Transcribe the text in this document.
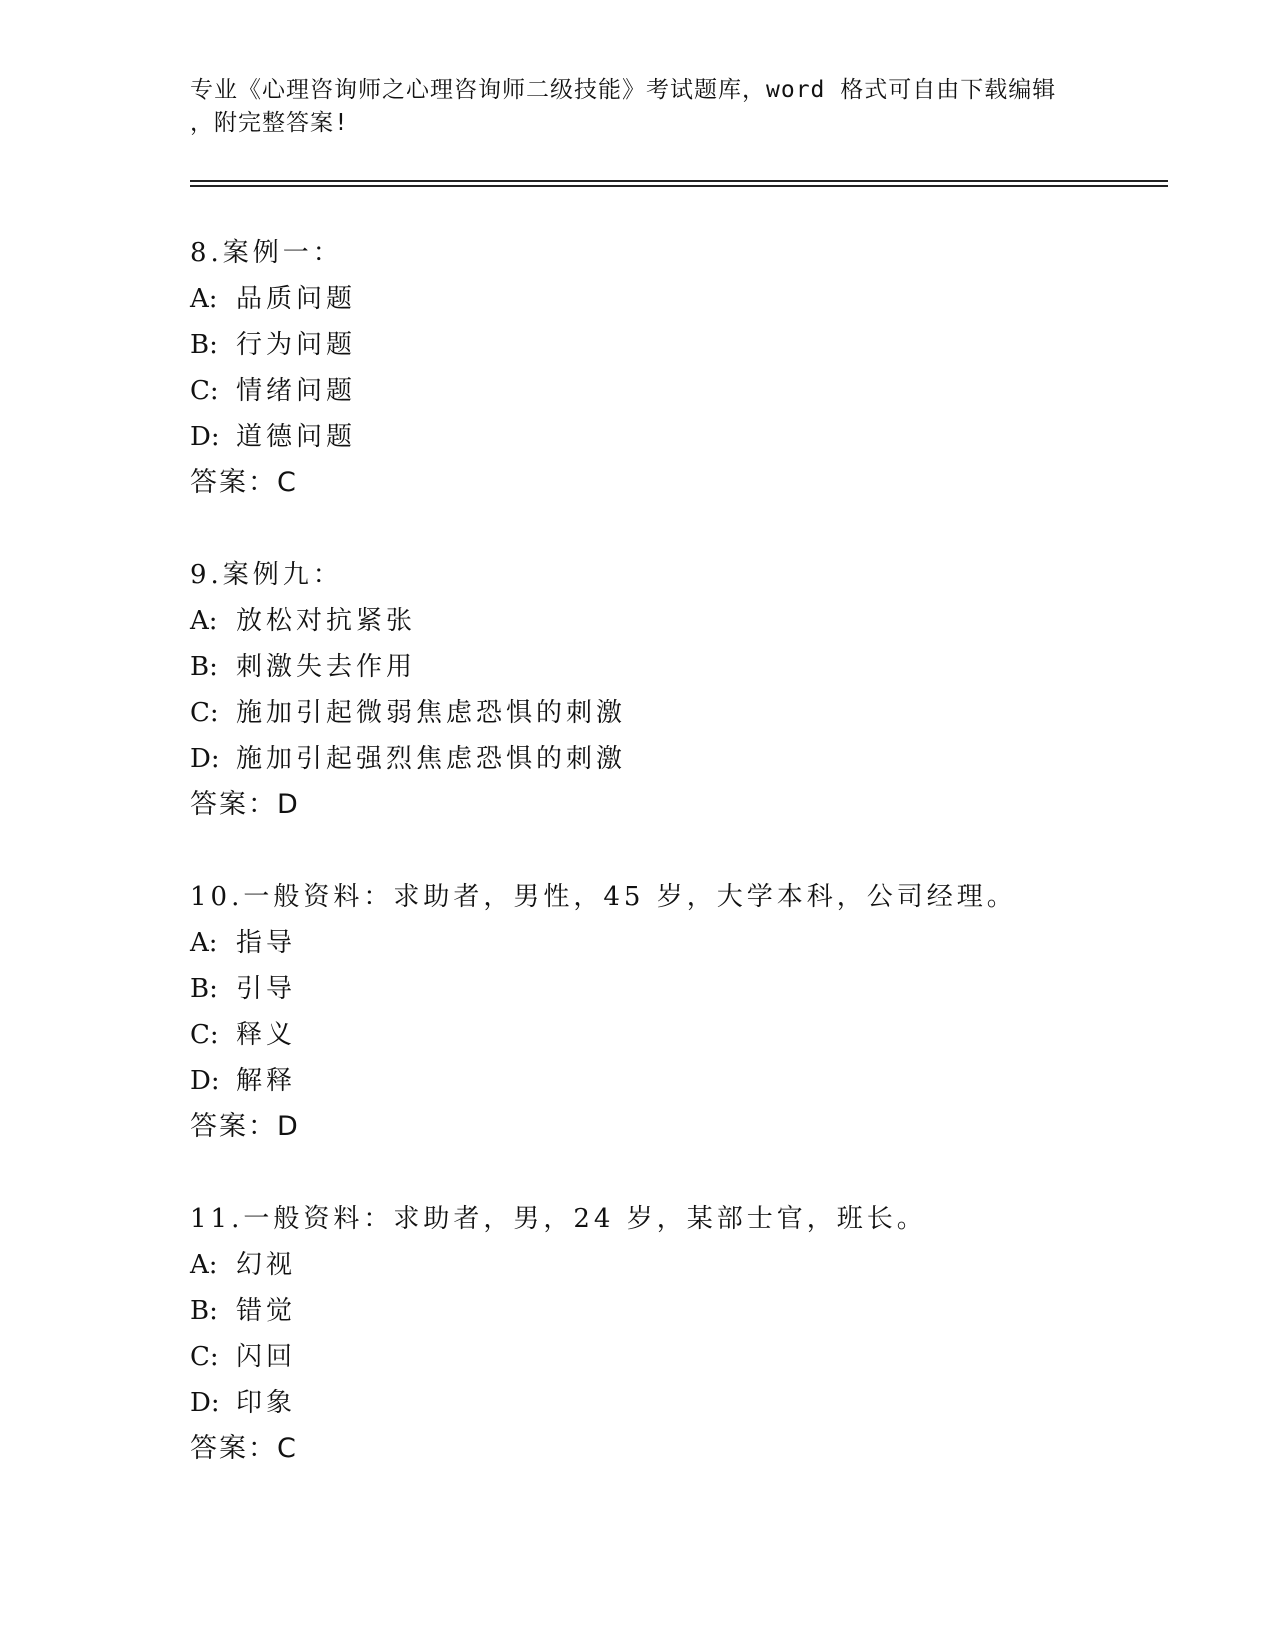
专业《心理咨询师之心理咨询师二级技能》考试题库，word 格式可自由下载编辑
，附完整答案!
8.案例一：
A: 品质问题
B: 行为问题
C: 情绪问题
D: 道德问题
答案：C
9.案例九：
A: 放松对抗紧张
B: 刺激失去作用
C: 施加引起微弱焦虑恐惧的刺激
D: 施加引起强烈焦虑恐惧的刺激
答案：D
10.一般资料：求助者，男性，45 岁，大学本科，公司经理。
A: 指导
B: 引导
C: 释义
D: 解释
答案：D
11.一般资料：求助者，男，24 岁，某部士官，班长。
A: 幻视
B: 错觉
C: 闪回
D: 印象
答案：C
